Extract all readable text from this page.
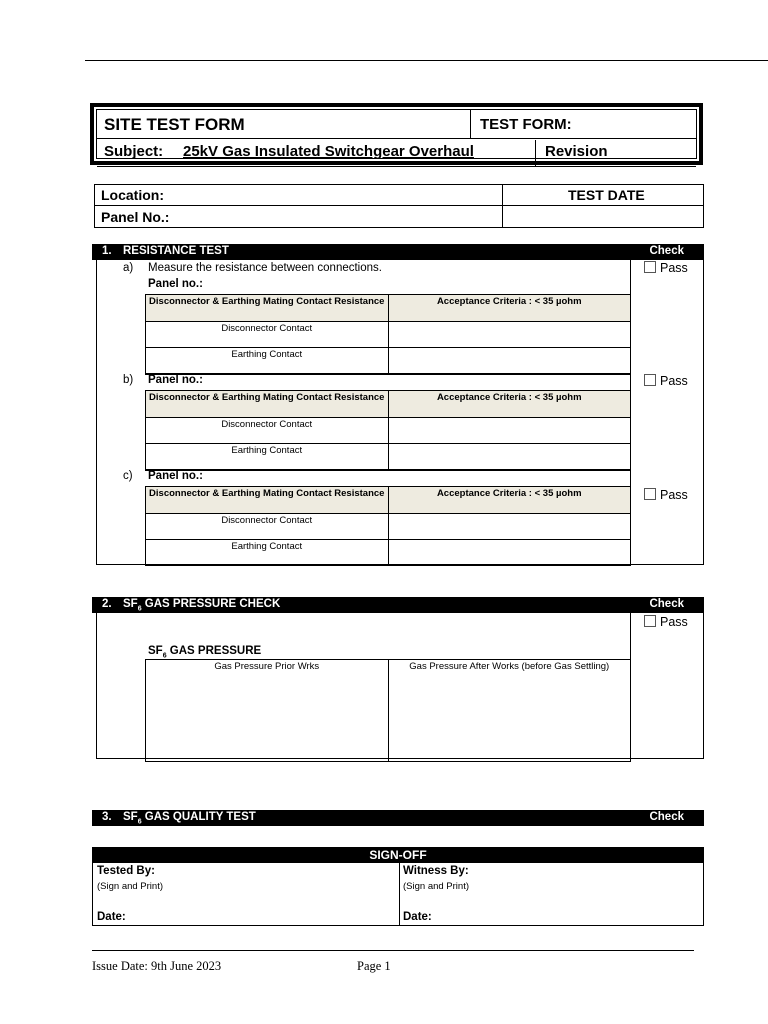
SITE TEST FORM	TEST FORM:
Subject: 25kV Gas Insulated Switchgear Overhaul	Revision
Location:	TEST DATE
Panel No.:
1. RESISTANCE TEST	Check
a) Measure the resistance between connections.
Panel no.:
Pass
Disconnector & Earthing Mating Contact Resistance	Acceptance Criteria : < 35 µohm
Disconnector Contact	
Earthing Contact	
b) Panel no.:	Pass
Disconnector & Earthing Mating Contact Resistance	Acceptance Criteria : < 35 µohm
Disconnector Contact	
Earthing Contact	
c) Panel no.:
Pass
Disconnector & Earthing Mating Contact Resistance	Acceptance Criteria : < 35 µohm
Disconnector Contact	
Earthing Contact	
2. $SF_6$ GAS PRESSURE CHECK	Check
Pass
$SF_6$ GAS PRESSURE
Gas Pressure Prior Wrks	Gas Pressure After Works (before Gas Settling)
3. $SF_6$ GAS QUALITY TEST	Check
SIGN-OFF
Tested By:
(Sign and Print)
Date:
Witness By:
(Sign and Print)
Date:
Issue Date: 9th June 2023	Page 1
